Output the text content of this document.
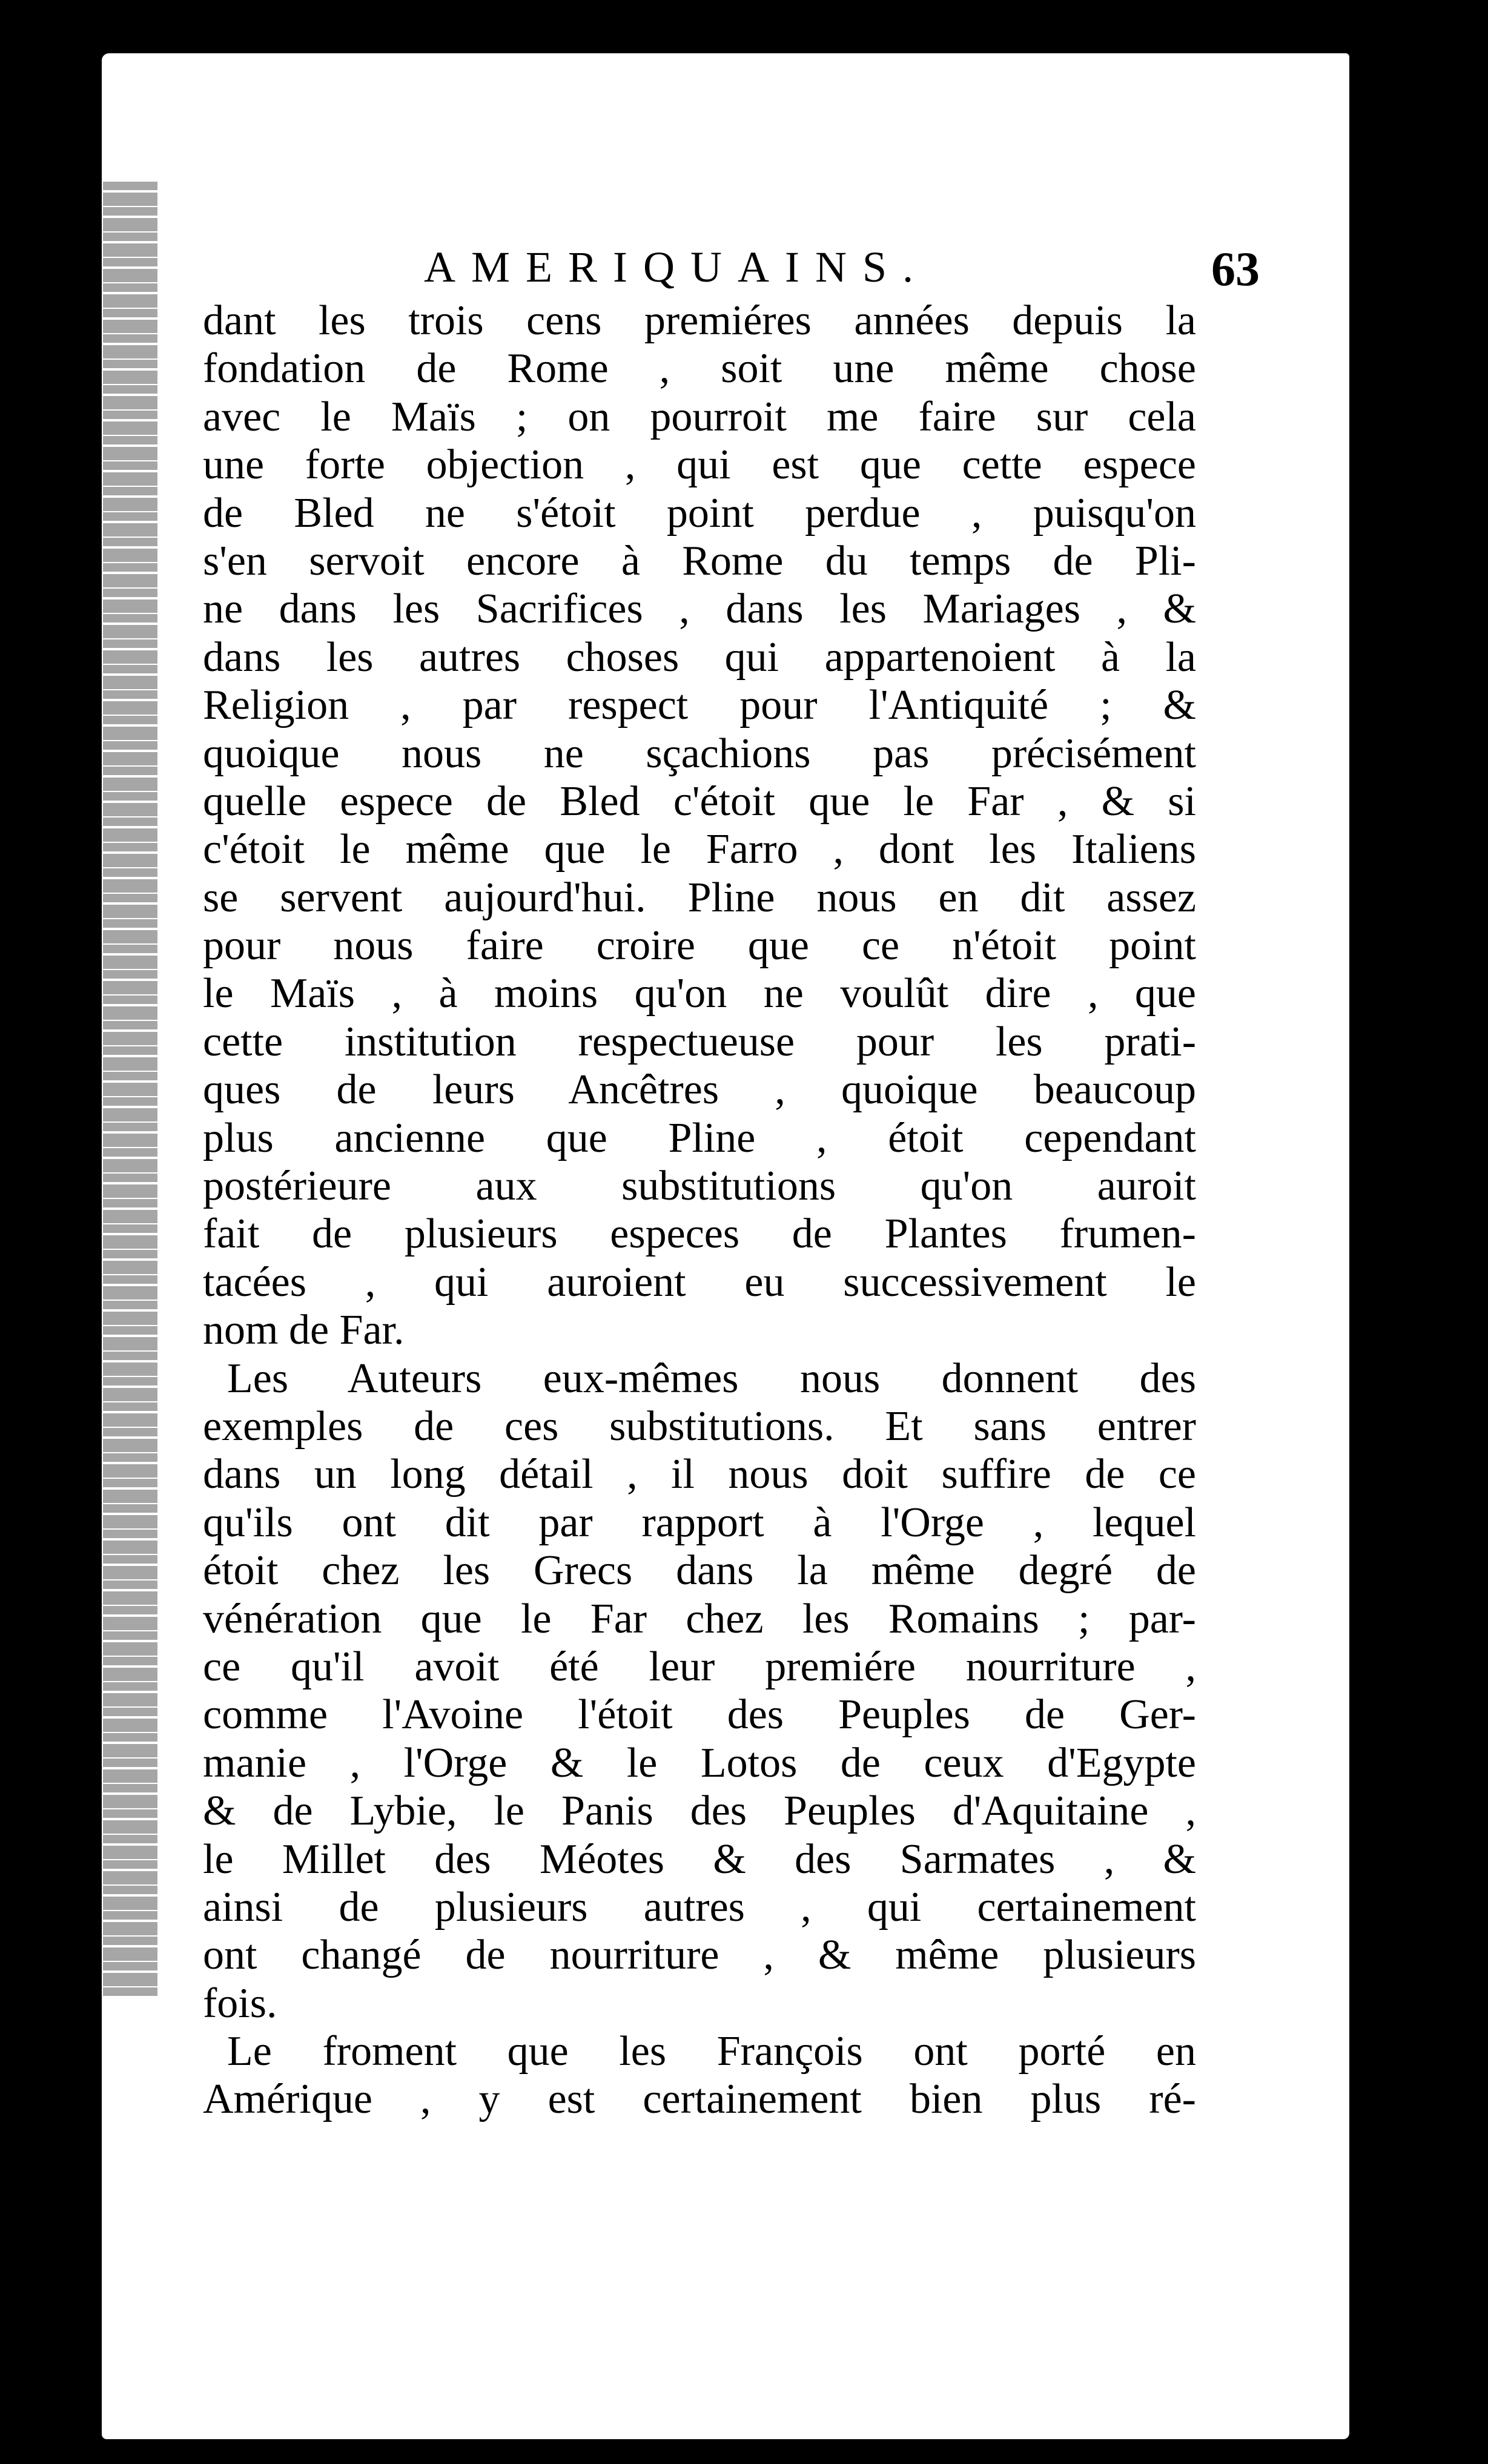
AMERIQUAINS.	63
dant les trois cens premiéres années depuis la
fondation de Rome , soit une même chose
avec le Maïs ; on pourroit me faire sur cela
une forte objection , qui est que cette espece
de Bled ne s'étoit point perdue , puisqu'on
s'en servoit encore à Rome du temps de Pli-
ne dans les Sacrifices , dans les Mariages , &
dans les autres choses qui appartenoient à la
Religion , par respect pour l'Antiquité ; &
quoique nous ne sçachions pas précisément
quelle espece de Bled c'étoit que le Far , & si
c'étoit le même que le Farro , dont les Italiens
se servent aujourd'hui. Pline nous en dit assez
pour nous faire croire que ce n'étoit point
le Maïs , à moins qu'on ne voulût dire , que
cette institution respectueuse pour les prati-
ques de leurs Ancêtres , quoique beaucoup
plus ancienne que Pline , étoit cependant
postérieure aux substitutions qu'on auroit
fait de plusieurs especes de Plantes frumen-
tacées , qui auroient eu successivement le
nom de Far.
Les Auteurs eux-mêmes nous donnent des
exemples de ces substitutions. Et sans entrer
dans un long détail , il nous doit suffire de ce
qu'ils ont dit par rapport à l'Orge , lequel
étoit chez les Grecs dans la même degré de
vénération que le Far chez les Romains ; par-
ce qu'il avoit été leur premiére nourriture ,
comme l'Avoine l'étoit des Peuples de Ger-
manie , l'Orge & le Lotos de ceux d'Egypte
& de Lybie, le Panis des Peuples d'Aquitaine ,
le Millet des Méotes & des Sarmates , &
ainsi de plusieurs autres , qui certainement
ont changé de nourriture , & même plusieurs
fois.
Le froment que les François ont porté en
Amérique , y est certainement bien plus ré-
